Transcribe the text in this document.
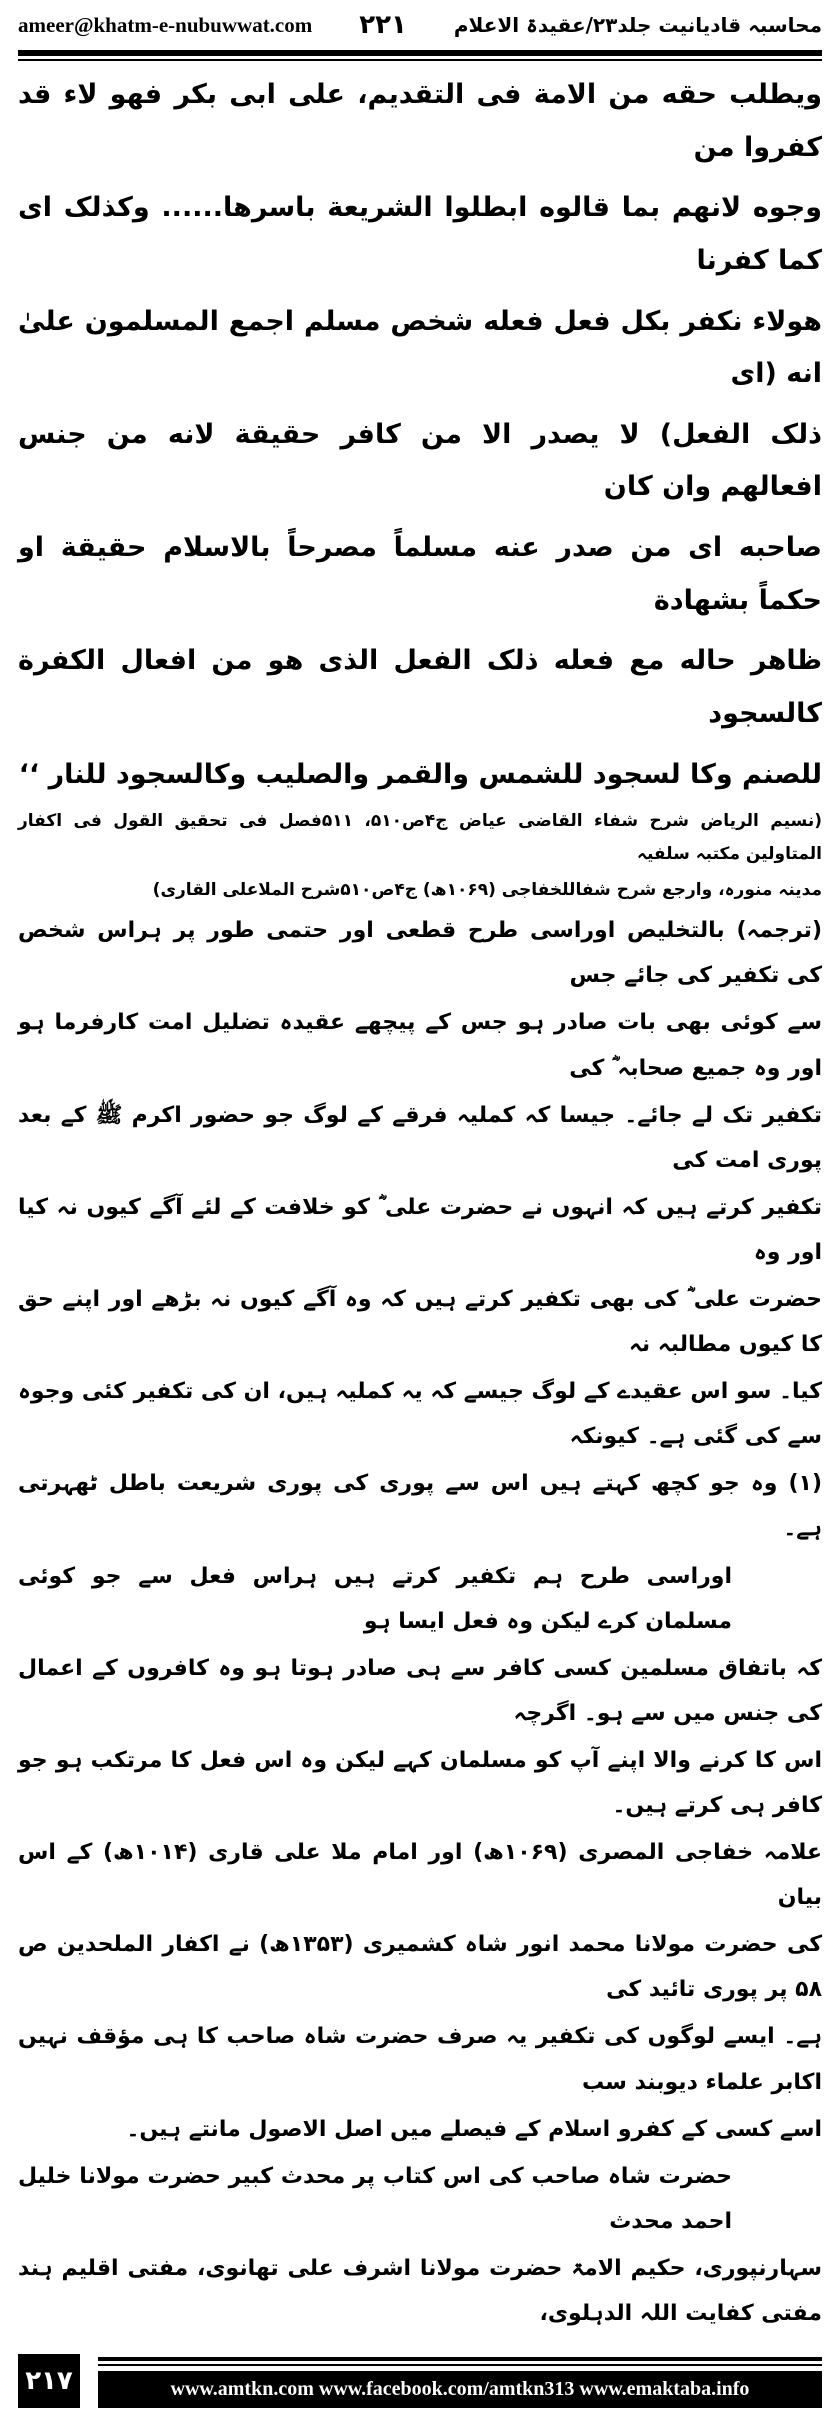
ameer@khatm-e-nubuwwat.com ۲۲۱ محاسبہ قادیانیت جلد۲۳/عقیدۃ الاعلام
ویطلب حقه من الامة فی التقدیم، علی ابی بکر فهو لاء قد کفروا من
وجوه لانهم بما قالوه ابطلوا الشریعة باسرها...... وکذلک ای کما کفرنا
هولاء نکفر بکل فعل فعله شخص مسلم اجمع المسلمون علیٰ انه (ای
ذلک الفعل) لا یصدر الا من کافر حقیقة لانه من جنس افعالهم وان کان
صاحبه ای من صدر عنه مسلماً مصرحاً بالاسلام حقیقة او حکماً بشهادة
ظاهر حاله مع فعله ذلک الفعل الذی هو من افعال الکفرة کالسجود
للصنم وکا لسجود للشمس والقمر والصلیب وکالسجود للنار ‘‘
(نسیم الریاض شرح شفاء القاضی عیاض ج۴ص۵۱۰، ۵۱۱فصل فی تحقیق القول فی اکفار المتاولین مکتبہ سلفیہ
مدینہ منورہ، وارجع شرح شفاللخفاجی (۱۰۶۹ھ) ج۴ص۵۱۰شرح الملاعلی القاری)
(ترجمہ) بالتخلیص اوراسی طرح قطعی اور حتمی طور پر ہراس شخص کی تکفیر کی جائے جس
سے کوئی بھی بات صادر ہو جس کے پیچھے عقیدہ تضلیل امت کارفرما ہو اور وہ جمیع صحابہ ؓ کی
تکفیر تک لے جائے۔ جیسا کہ کملیہ فرقے کے لوگ جو حضور اکرم ﷺ کے بعد پوری امت کی
تکفیر کرتے ہیں کہ انہوں نے حضرت علی ؓ کو خلافت کے لئے آگے کیوں نہ کیا اور وہ
حضرت علی ؓ کی بھی تکفیر کرتے ہیں کہ وہ آگے کیوں نہ بڑھے اور اپنے حق کا کیوں مطالبہ نہ
کیا۔ سو اس عقیدے کے لوگ جیسے کہ یہ کملیہ ہیں، ان کی تکفیر کئی وجوہ سے کی گئی ہے۔ کیونکہ
(۱) وہ جو کچھ کہتے ہیں اس سے پوری کی پوری شریعت باطل ٹھہرتی ہے۔
اوراسی طرح ہم تکفیر کرتے ہیں ہراس فعل سے جو کوئی مسلمان کرے لیکن وہ فعل ایسا ہو
کہ باتفاق مسلمین کسی کافر سے ہی صادر ہوتا ہو وہ کافروں کے اعمال کی جنس میں سے ہو۔ اگرچہ
اس کا کرنے والا اپنے آپ کو مسلمان کہے لیکن وہ اس فعل کا مرتکب ہو جو کافر ہی کرتے ہیں۔
علامہ خفاجی المصری (۱۰۶۹ھ) اور امام ملا علی قاری (۱۰۱۴ھ) کے اس بیان
کی حضرت مولانا محمد انور شاہ کشمیری (۱۳۵۳ھ) نے اکفار الملحدین ص ۵۸ پر پوری تائید کی
ہے۔ ایسے لوگوں کی تکفیر یہ صرف حضرت شاہ صاحب کا ہی مؤقف نہیں اکابر علماء دیوبند سب
اسے کسی کے کفرو اسلام کے فیصلے میں اصل الاصول مانتے ہیں۔
حضرت شاہ صاحب کی اس کتاب پر محدث کبیر حضرت مولانا خلیل احمد محدث
سہارنپوری، حکیم الامۃ حضرت مولانا اشرف علی تھانوی، مفتی اقلیم ہند مفتی کفایت اللہ الدہلوی،
۲۱۷	www.amtkn.com www.facebook.com/amtkn313 www.emaktaba.info
